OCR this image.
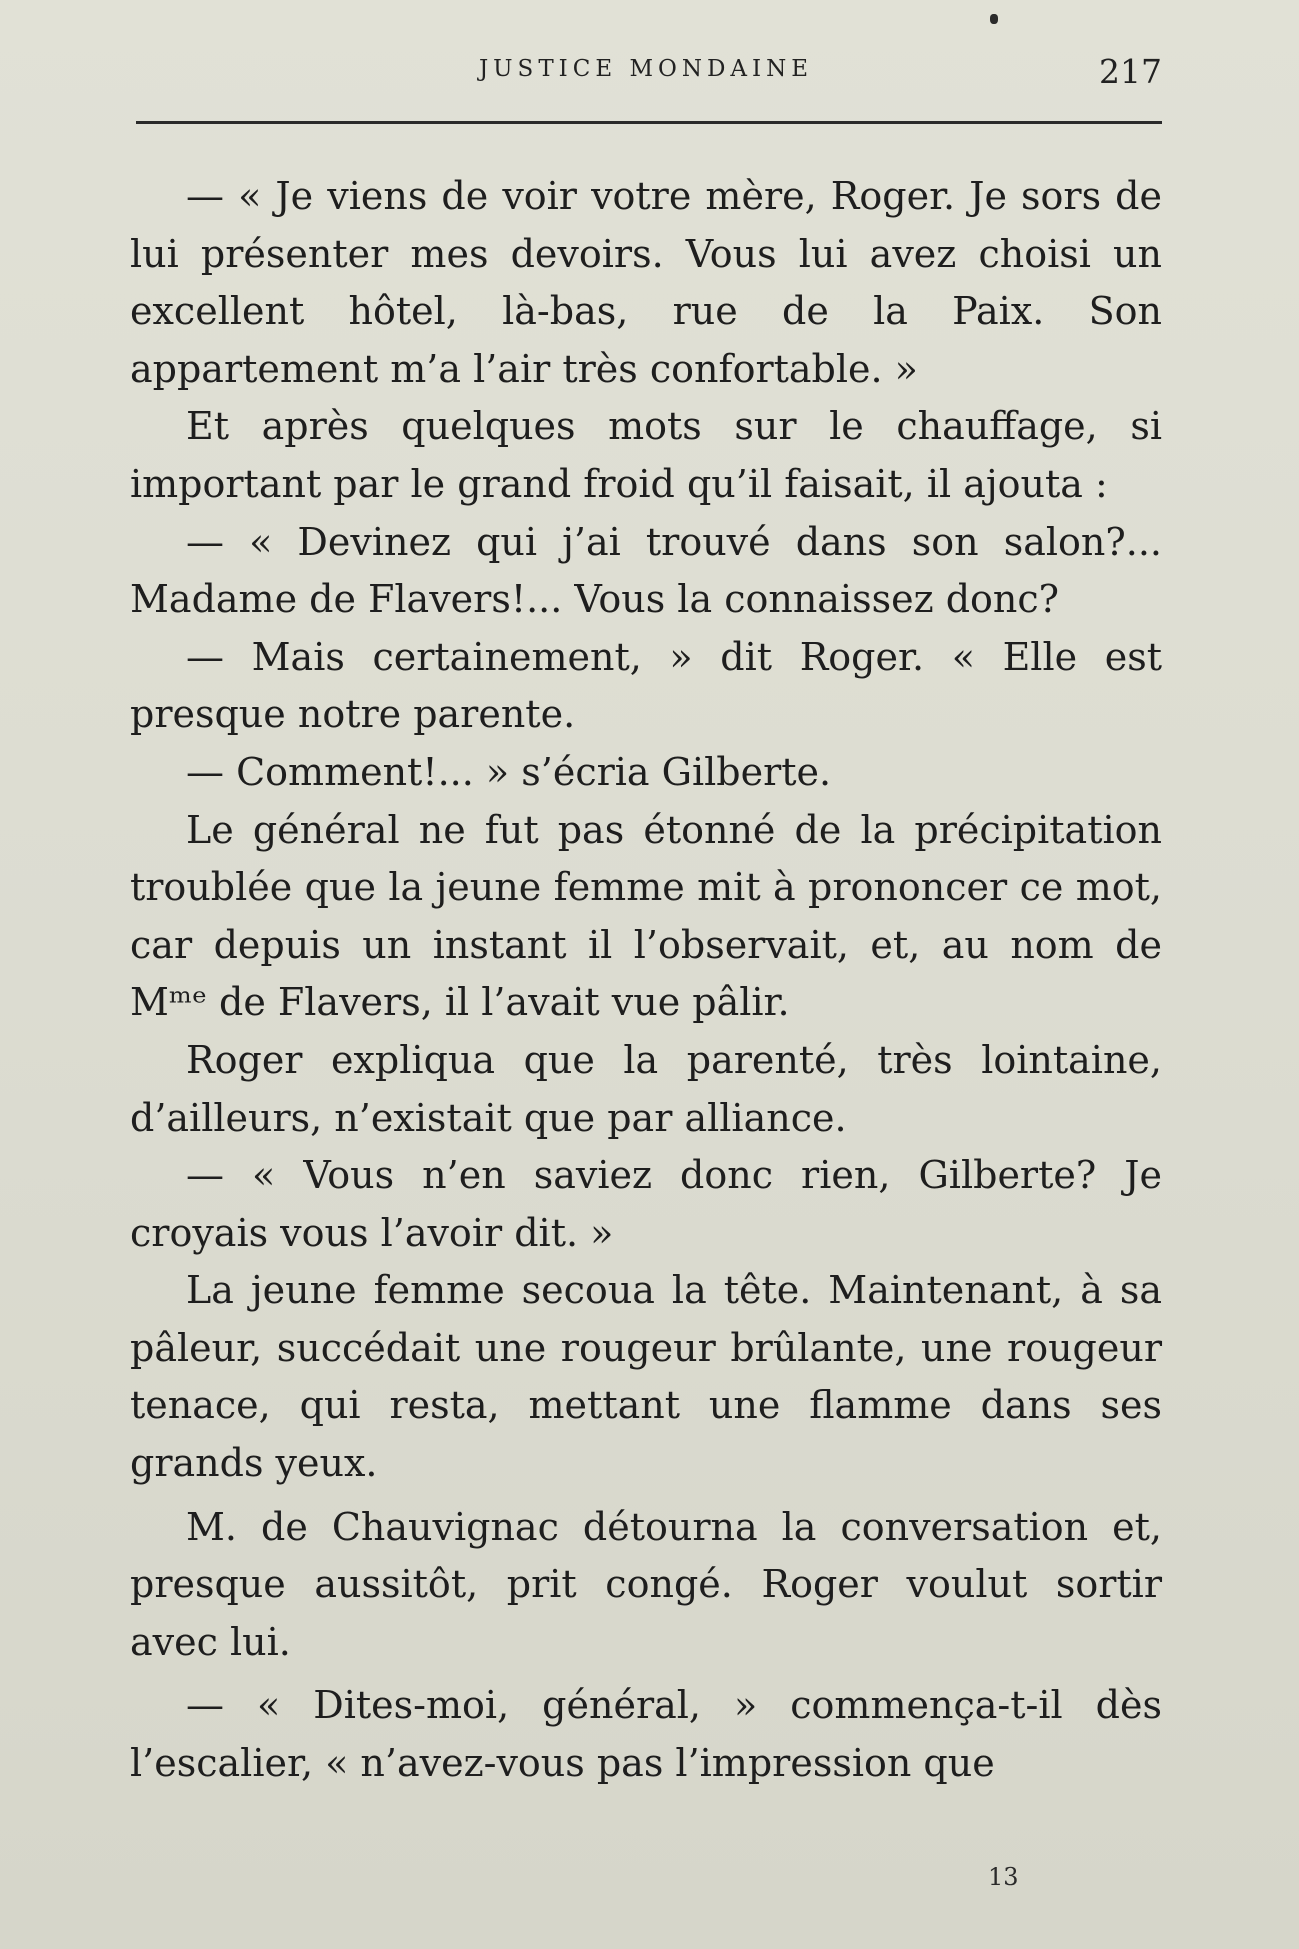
JUSTICE MONDAINE	217

— « Je viens de voir votre mère, Roger. Je sors de lui présenter mes devoirs. Vous lui avez choisi un excellent hôtel, là-bas, rue de la Paix. Son appartement m’a l’air très confortable. »

Et après quelques mots sur le chauffage, si important par le grand froid qu’il faisait, il ajouta :

— « Devinez qui j’ai trouvé dans son salon?... Madame de Flavers!... Vous la connaissez donc?

— Mais certainement, » dit Roger. « Elle est presque notre parente.

— Comment!... » s’écria Gilberte.

Le général ne fut pas étonné de la précipitation troublée que la jeune femme mit à prononcer ce mot, car depuis un instant il l’observait, et, au nom de Mᵐᵉ de Flavers, il l’avait vue pâlir.

Roger expliqua que la parenté, très lointaine, d’ailleurs, n’existait que par alliance.

— « Vous n’en saviez donc rien, Gilberte? Je croyais vous l’avoir dit. »

La jeune femme secoua la tête. Maintenant, à sa pâleur, succédait une rougeur brûlante, une rougeur tenace, qui resta, mettant une flamme dans ses grands yeux.

M. de Chauvignac détourna la conversation et, presque aussitôt, prit congé. Roger voulut sortir avec lui.

— « Dites-moi, général, » commença-t-il dès l’escalier, « n’avez-vous pas l’impression que

13
